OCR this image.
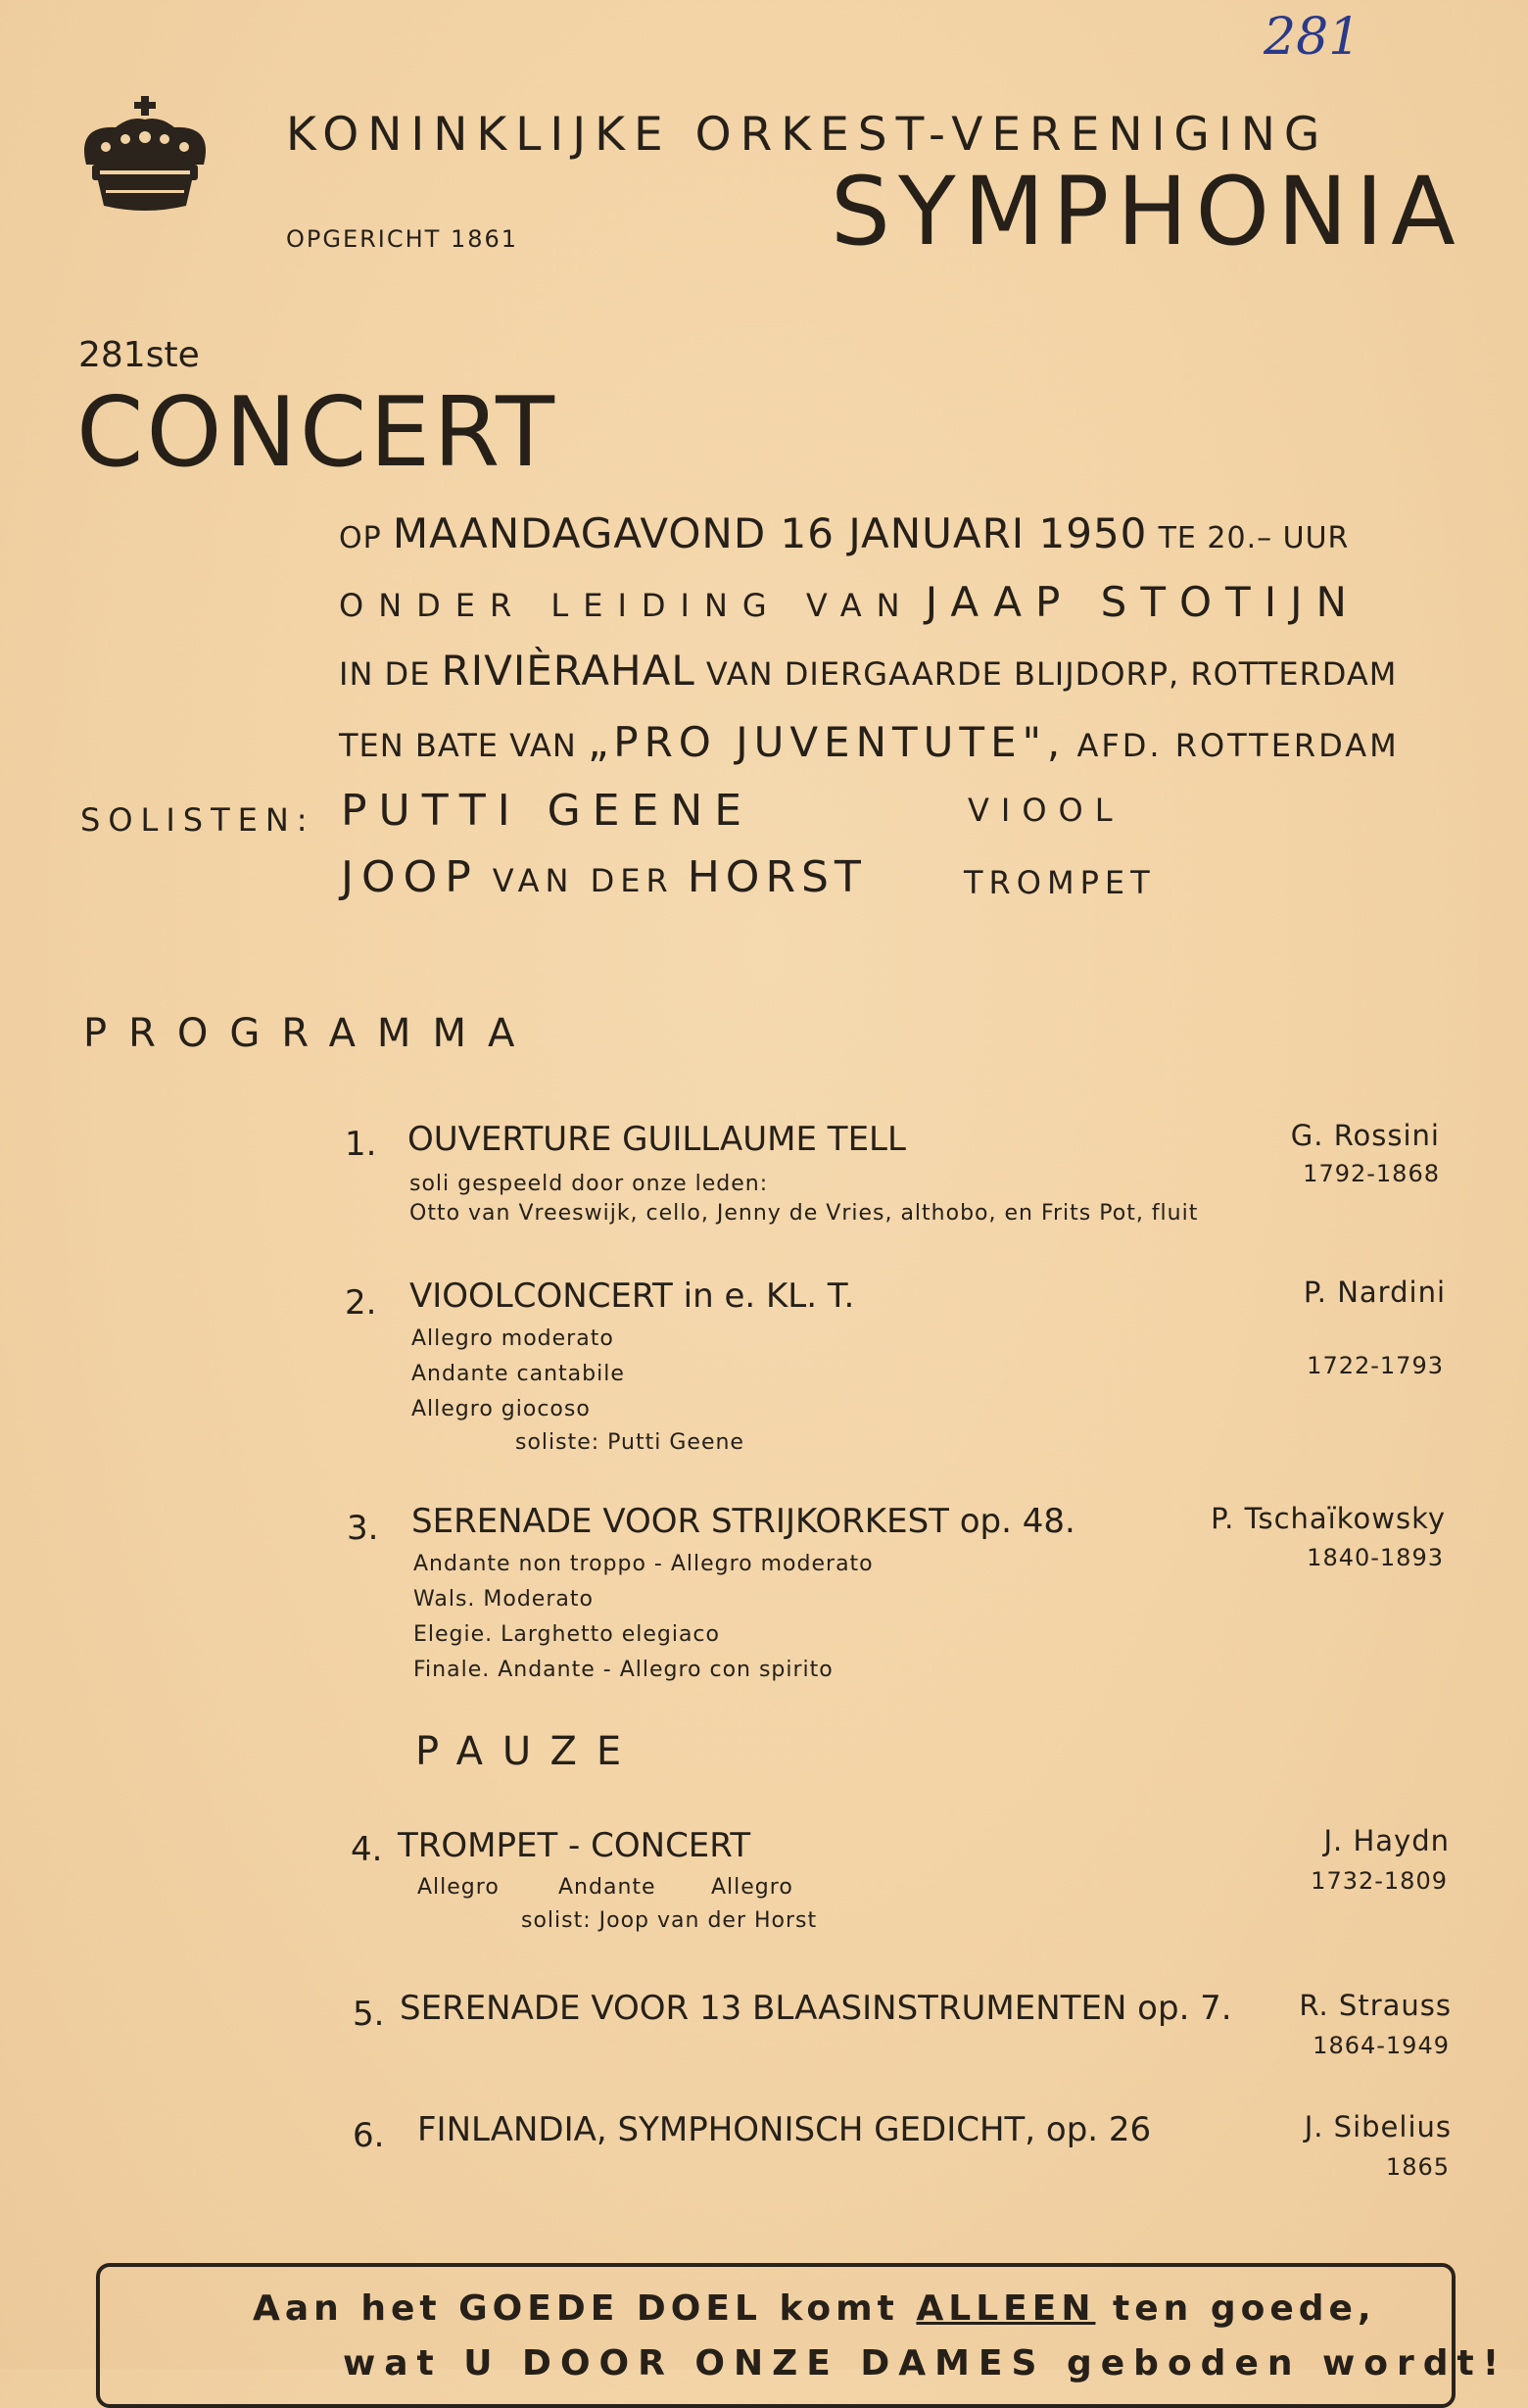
281
KONINKLIJKE ORKEST-VERENIGING
SYMPHONIA
OPGERICHT 1861
281ste
CONCERT
OP MAANDAGAVOND 16 JANUARI 1950 TE 20.– UUR
ONDER LEIDING VAN JAAP STOTIJN
IN DE RIVIÈRAHAL VAN DIERGAARDE BLIJDORP, ROTTERDAM
TEN BATE VAN „PRO JUVENTUTE", AFD. ROTTERDAM
SOLISTEN: PUTTI GEENE	VIOOL
JOOP VAN DER HORST	TROMPET
PROGRAMMA
1. OUVERTURE GUILLAUME TELL
soli gespeeld door onze leden:
Otto van Vreeswijk, cello, Jenny de Vries, althobo, en Frits Pot, fluit
G. Rossini
1792-1868
2. VIOOLCONCERT in e. KL. T.
Allegro moderato
Andante cantabile
Allegro giocoso
soliste: Putti Geene
P. Nardini
1722-1793
3. SERENADE VOOR STRIJKORKEST op. 48.
Andante non troppo - Allegro moderato
Wals. Moderato
Elegie. Larghetto elegiaco
Finale. Andante - Allegro con spirito
P. Tschaïkowsky
1840-1893
PAUZE
4. TROMPET - CONCERT
Allegro	Andante	Allegro
solist: Joop van der Horst
J. Haydn
1732-1809
5. SERENADE VOOR 13 BLAASINSTRUMENTEN op. 7. R. Strauss
1864-1949
6. FINLANDIA, SYMPHONISCH GEDICHT, op. 26	J. Sibelius
1865
Aan het GOEDE DOEL komt ALLEEN ten goede,
wat U DOOR ONZE DAMES geboden wordt!
